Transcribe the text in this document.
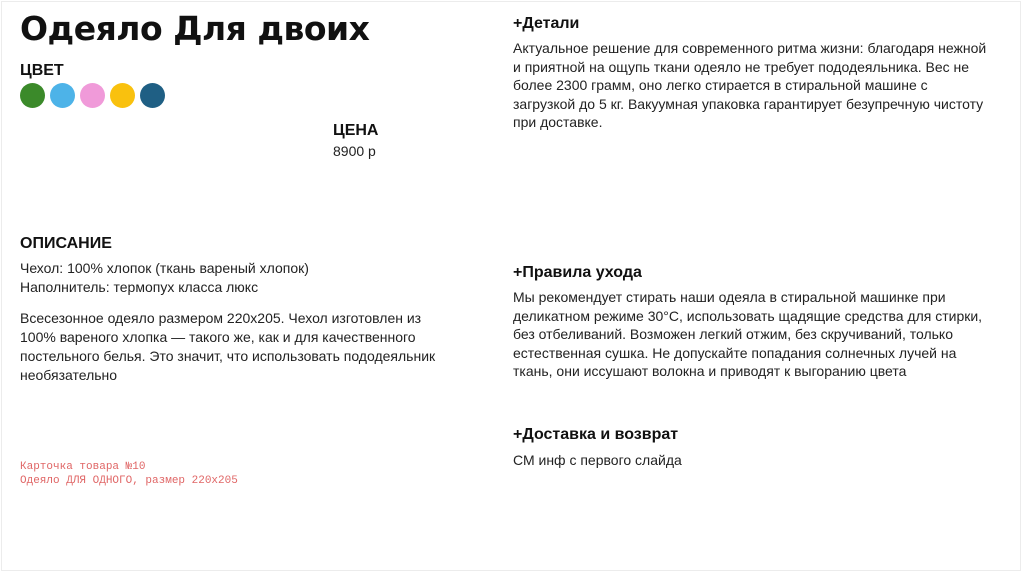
Одеяло Для двоих
ЦВЕТ
ЦЕНА
8900 р
ОПИСАНИЕ
Чехол: 100% хлопок (ткань вареный хлопок)
Наполнитель: термопух класса люкс

Всесезонное одеяло размером 220х205. Чехол изготовлен из 100% вареного хлопка — такого же, как и для качественного постельного белья. Это значит, что использовать пододеяльник необязательно

Карточка товара №10
Одеяло ДЛЯ ОДНОГО, размер 220х205
+Детали

Актуальное решение для современного ритма жизни: благодаря нежной и приятной на ощупь ткани одеяло не требует пододеяльника. Вес не более 2300 грамм, оно легко стирается в стиральной машине с загрузкой до 5 кг. Вакуумная упаковка гарантирует безупречную чистоту при доставке.

+Правила ухода

Мы рекомендует стирать наши одеяла в стиральной машинке при деликатном режиме 30°С, использовать щадящие средства для стирки, без отбеливаний. Возможен легкий отжим, без скручиваний, только естественная сушка. Не допускайте попадания солнечных лучей на ткань, они иссушают волокна и приводят к выгоранию цвета

+Доставка и возврат

СМ инф с первого слайда
